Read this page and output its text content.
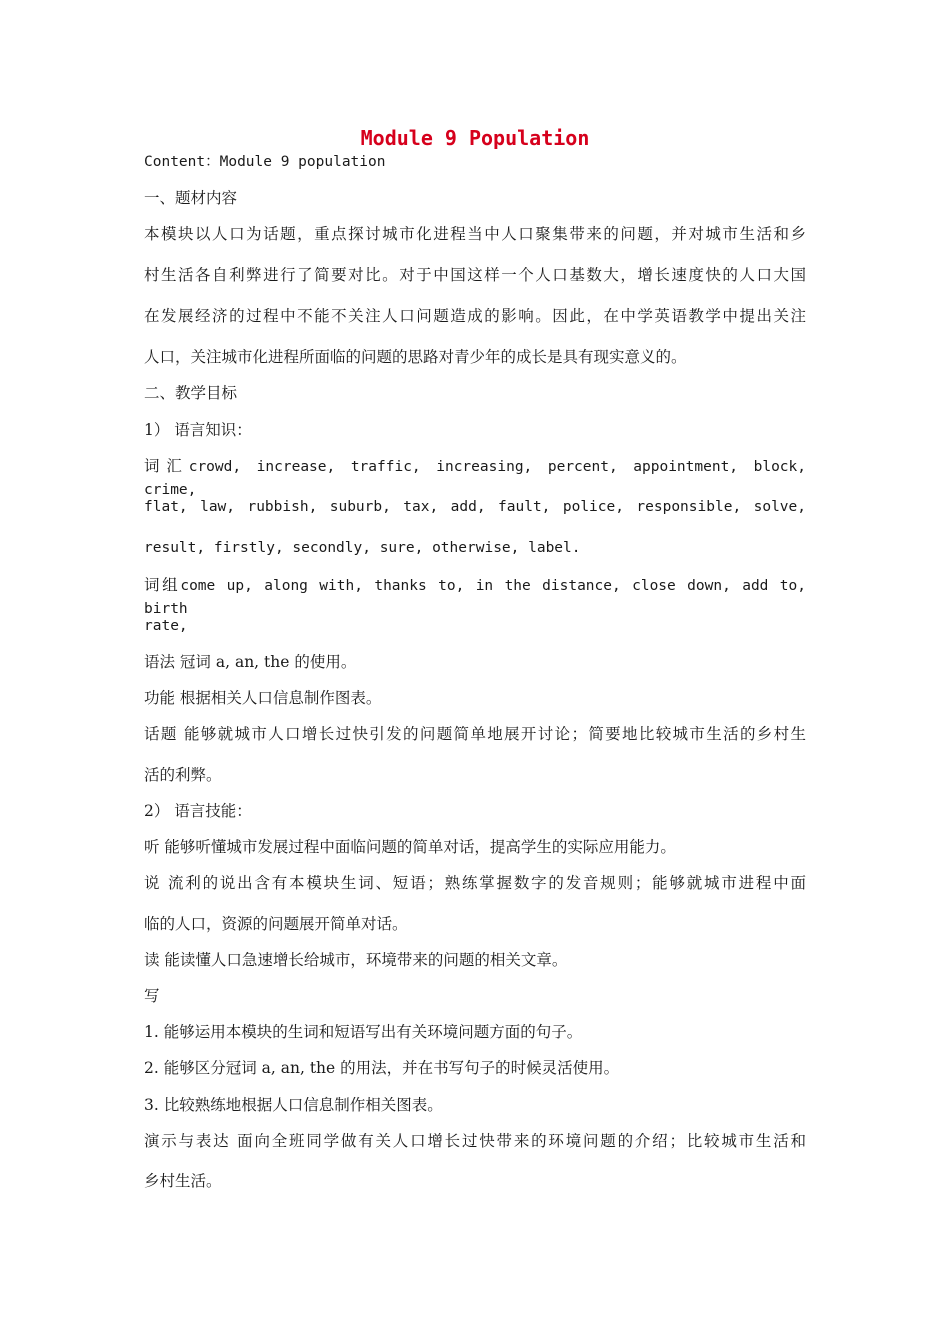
Module 9 Population
Content：Module 9 population
一、题材内容
本模块以人口为话题，重点探讨城市化进程当中人口聚集带来的问题，并对城市生活和乡
村生活各自利弊进行了简要对比。对于中国这样一个人口基数大，增长速度快的人口大国
在发展经济的过程中不能不关注人口问题造成的影响。因此，在中学英语教学中提出关注
人口，关注城市化进程所面临的问题的思路对青少年的成长是具有现实意义的。
二、教学目标
1） 语言知识：
词汇crowd, increase, traffic, increasing, percent, appointment, block, crime,
flat, law, rubbish, suburb, tax, add, fault, police, responsible, solve,
result, firstly, secondly, sure, otherwise, label.
词组come up, along with, thanks to, in the distance, close down, add to, birth
rate,
语法 冠词 a, an, the 的使用。
功能 根据相关人口信息制作图表。
话题 能够就城市人口增长过快引发的问题简单地展开讨论；简要地比较城市生活的乡村生
活的利弊。
2） 语言技能：
听 能够听懂城市发展过程中面临问题的简单对话，提高学生的实际应用能力。
说 流利的说出含有本模块生词、短语；熟练掌握数字的发音规则；能够就城市进程中面
临的人口，资源的问题展开简单对话。
读 能读懂人口急速增长给城市，环境带来的问题的相关文章。
写
1. 能够运用本模块的生词和短语写出有关环境问题方面的句子。
2. 能够区分冠词 a, an, the 的用法，并在书写句子的时候灵活使用。
3. 比较熟练地根据人口信息制作相关图表。
演示与表达 面向全班同学做有关人口增长过快带来的环境问题的介绍；比较城市生活和
乡村生活。
